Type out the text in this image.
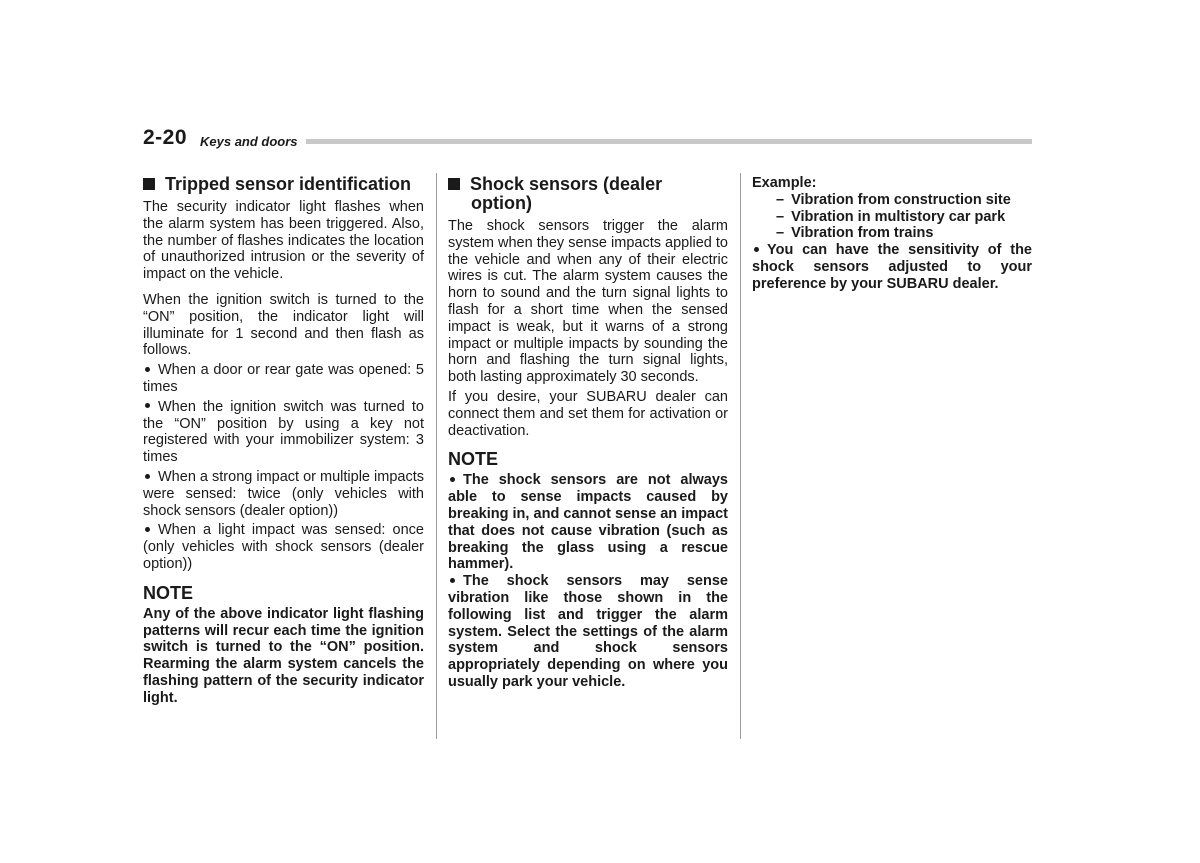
2-20 Keys and doors
Tripped sensor identification

The security indicator light flashes when the alarm system has been triggered. Also, the number of flashes indicates the location of unauthorized intrusion or the severity of impact on the vehicle.

When the ignition switch is turned to the “ON” position, the indicator light will illuminate for 1 second and then flash as follows.

When a door or rear gate was opened: 5 times

When the ignition switch was turned to the “ON” position by using a key not registered with your immobilizer system: 3 times

When a strong impact or multiple impacts were sensed: twice (only vehicles with shock sensors (dealer option))

When a light impact was sensed: once (only vehicles with shock sensors (dealer option))

NOTE

Any of the above indicator light flashing patterns will recur each time the ignition switch is turned to the “ON” position. Rearming the alarm system cancels the flashing pattern of the security indicator light.

Shock sensors (dealer option)

The shock sensors trigger the alarm system when they sense impacts applied to the vehicle and when any of their electric wires is cut. The alarm system causes the horn to sound and the turn signal lights to flash for a short time when the sensed impact is weak, but it warns of a strong impact or multiple impacts by sounding the horn and flashing the turn signal lights, both lasting approximately 30 seconds.

If you desire, your SUBARU dealer can connect them and set them for activation or deactivation.

NOTE

The shock sensors are not always able to sense impacts caused by breaking in, and cannot sense an impact that does not cause vibration (such as breaking the glass using a rescue hammer).

The shock sensors may sense vibration like those shown in the following list and trigger the alarm system. Select the settings of the alarm system and shock sensors appropriately depending on where you usually park your vehicle.

Example:

– Vibration from construction site
– Vibration in multistory car park
– Vibration from trains

You can have the sensitivity of the shock sensors adjusted to your preference by your SUBARU dealer.
